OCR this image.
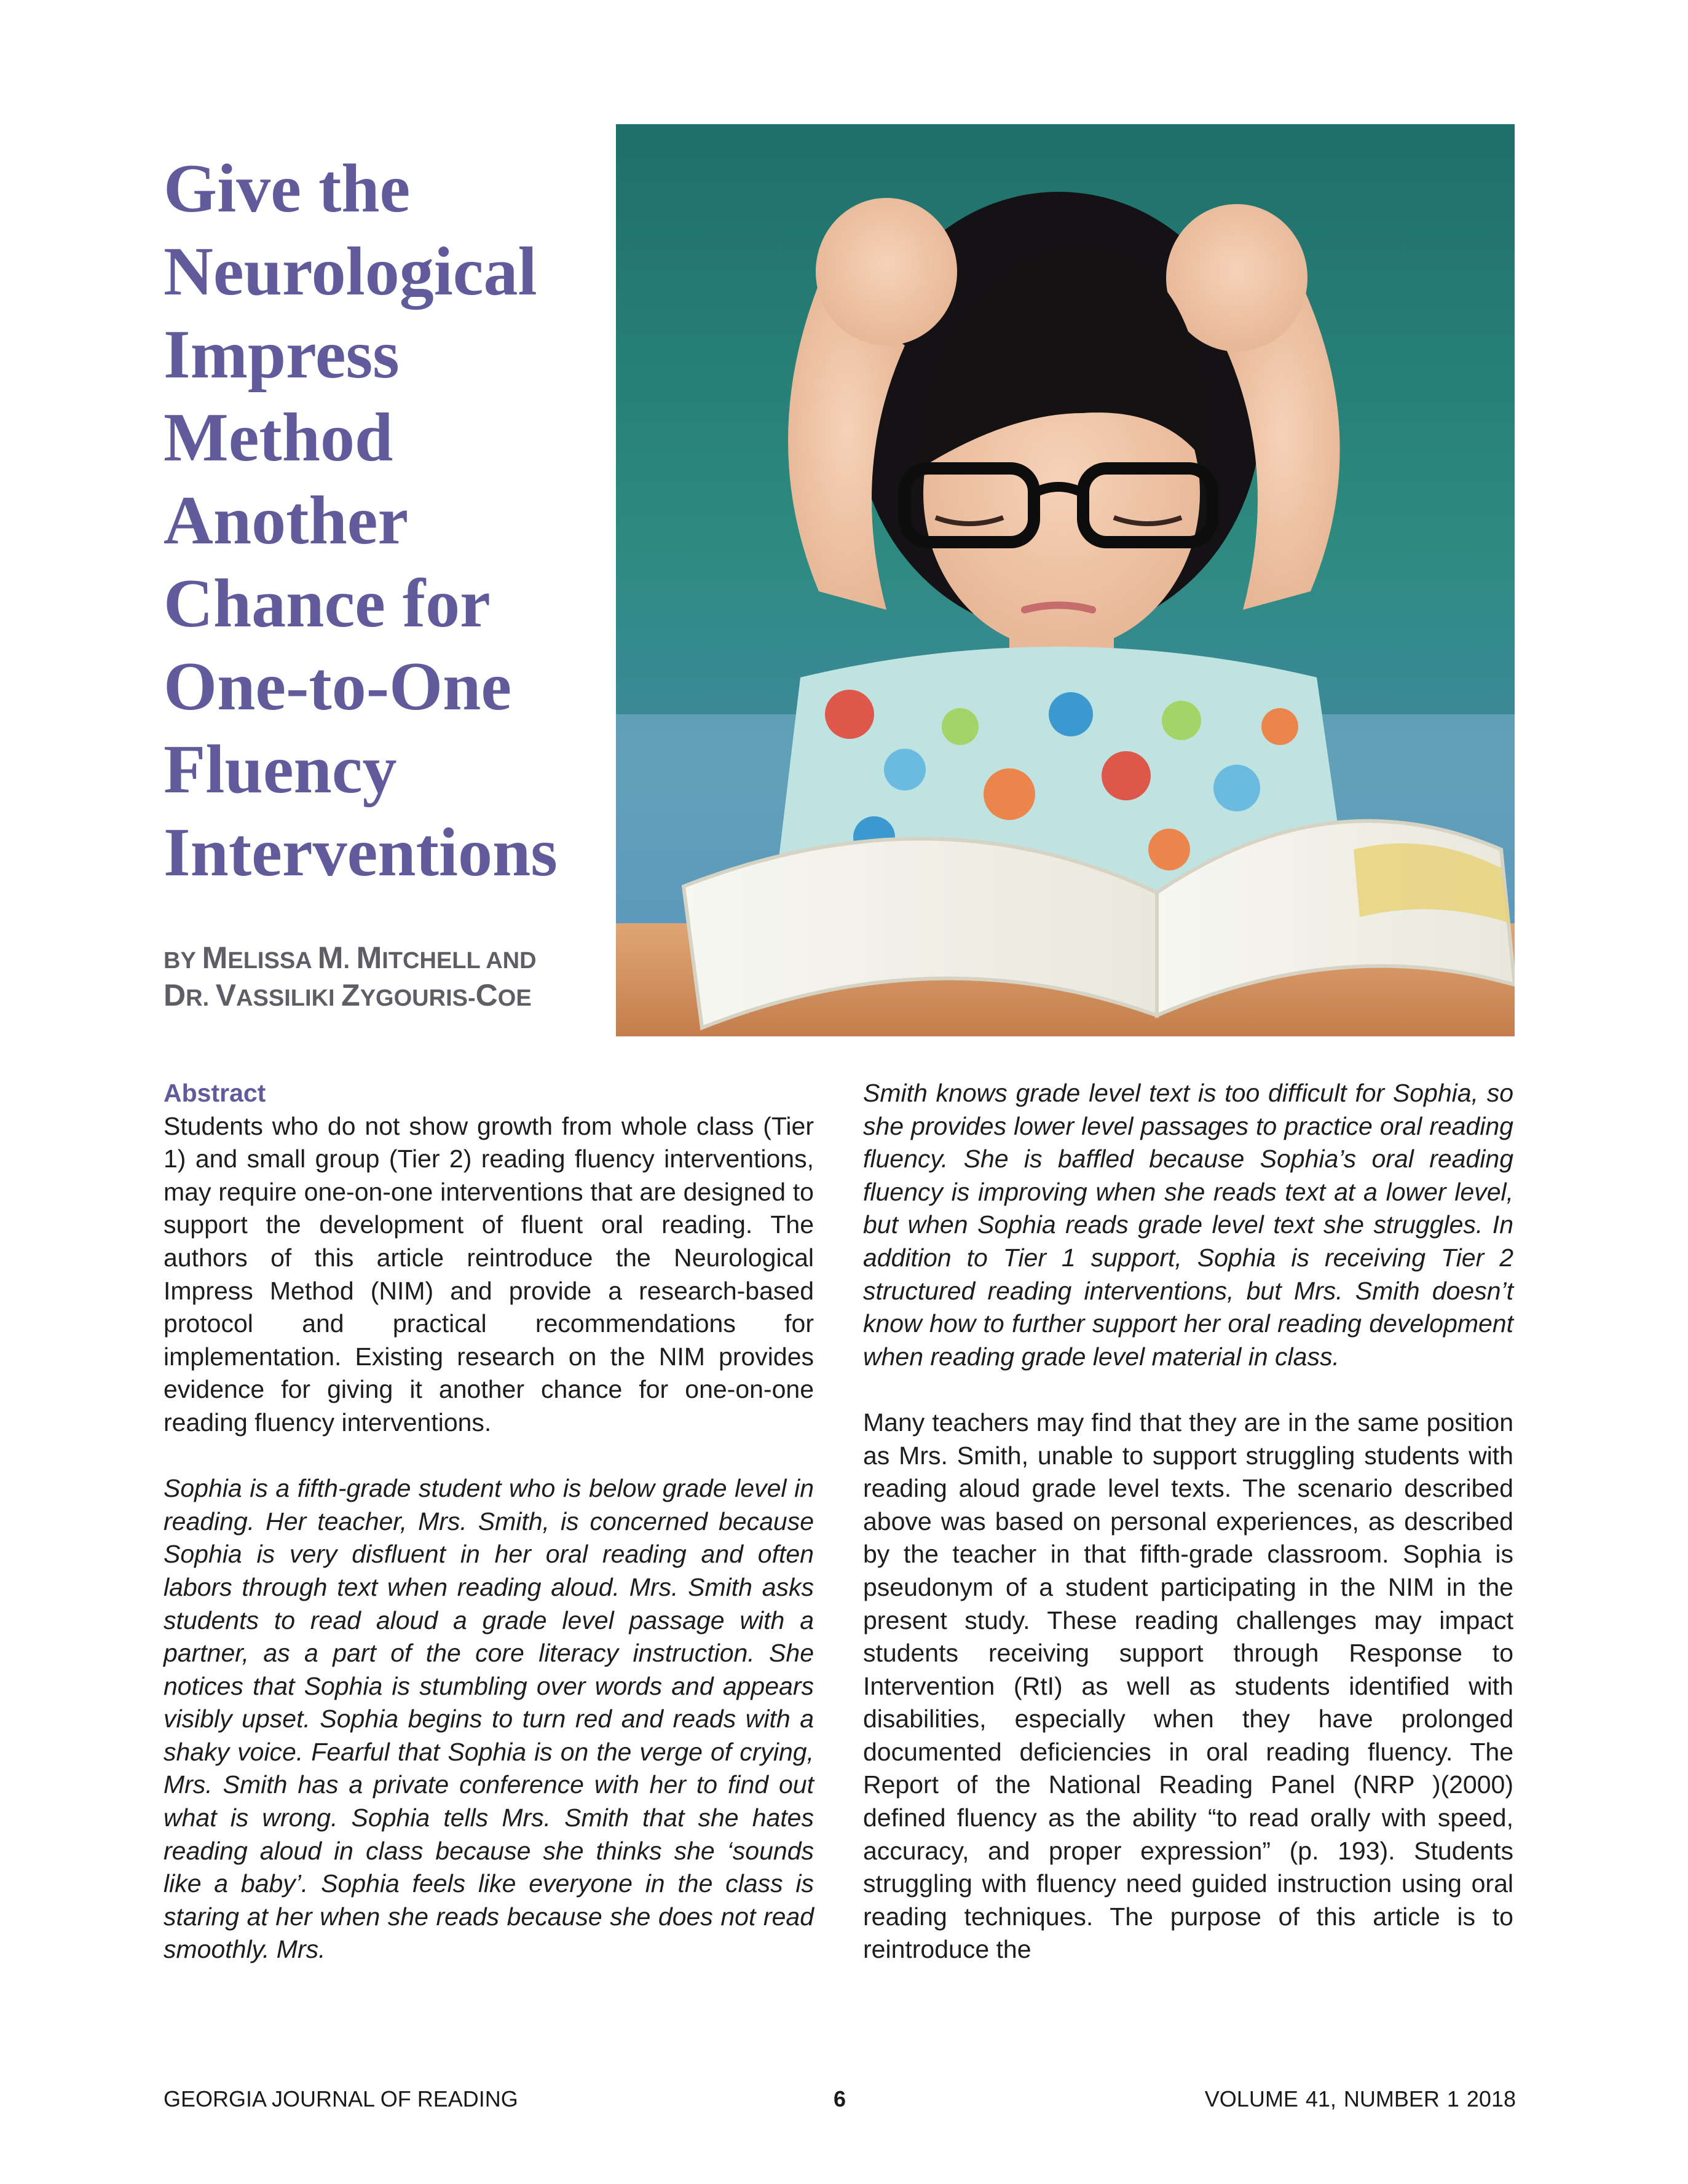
Give the
Neurological
Impress
Method
Another
Chance for
One-to-One
Fluency
Interventions
BY MELISSA M. MITCHELL AND
DR. VASSILIKI ZYGOURIS-COE

Abstract

Students who do not show growth from whole class (Tier 1) and small group (Tier 2) reading fluency interventions, may require one-on-one interventions that are designed to support the development of fluent oral reading. The authors of this article reintroduce the Neurological Impress Method (NIM) and provide a research-based protocol and practical recommendations for implementation. Existing research on the NIM provides evidence for giving it another chance for one-on-one reading fluency interventions.

Sophia is a fifth-grade student who is below grade level in reading. Her teacher, Mrs. Smith, is concerned because Sophia is very disfluent in her oral reading and often labors through text when reading aloud. Mrs. Smith asks students to read aloud a grade level passage with a partner, as a part of the core literacy instruction. She notices that Sophia is stumbling over words and appears visibly upset. Sophia begins to turn red and reads with a shaky voice. Fearful that Sophia is on the verge of crying, Mrs. Smith has a private conference with her to find out what is wrong. Sophia tells Mrs. Smith that she hates reading aloud in class because she thinks she ‘sounds like a baby’. Sophia feels like everyone in the class is staring at her when she reads because she does not read smoothly. Mrs.

Smith knows grade level text is too difficult for Sophia, so she provides lower level passages to practice oral reading fluency. She is baffled because Sophia’s oral reading fluency is improving when she reads text at a lower level, but when Sophia reads grade level text she struggles. In addition to Tier 1 support, Sophia is receiving Tier 2 structured reading interventions, but Mrs. Smith doesn’t know how to further support her oral reading development when reading grade level material in class.

Many teachers may find that they are in the same position as Mrs. Smith, unable to support struggling students with reading aloud grade level texts. The scenario described above was based on personal experiences, as described by the teacher in that fifth-grade classroom. Sophia is pseudonym of a student participating in the NIM in the present study. These reading challenges may impact students receiving support through Response to Intervention (RtI) as well as students identified with disabilities, especially when they have prolonged documented deficiencies in oral reading fluency. The Report of the National Reading Panel (NRP )(2000) defined fluency as the ability “to read orally with speed, accuracy, and proper expression” (p. 193). Students struggling with fluency need guided instruction using oral reading techniques. The purpose of this article is to reintroduce the

GEORGIA JOURNAL OF READING	6	VOLUME 41, NUMBER 1 2018
